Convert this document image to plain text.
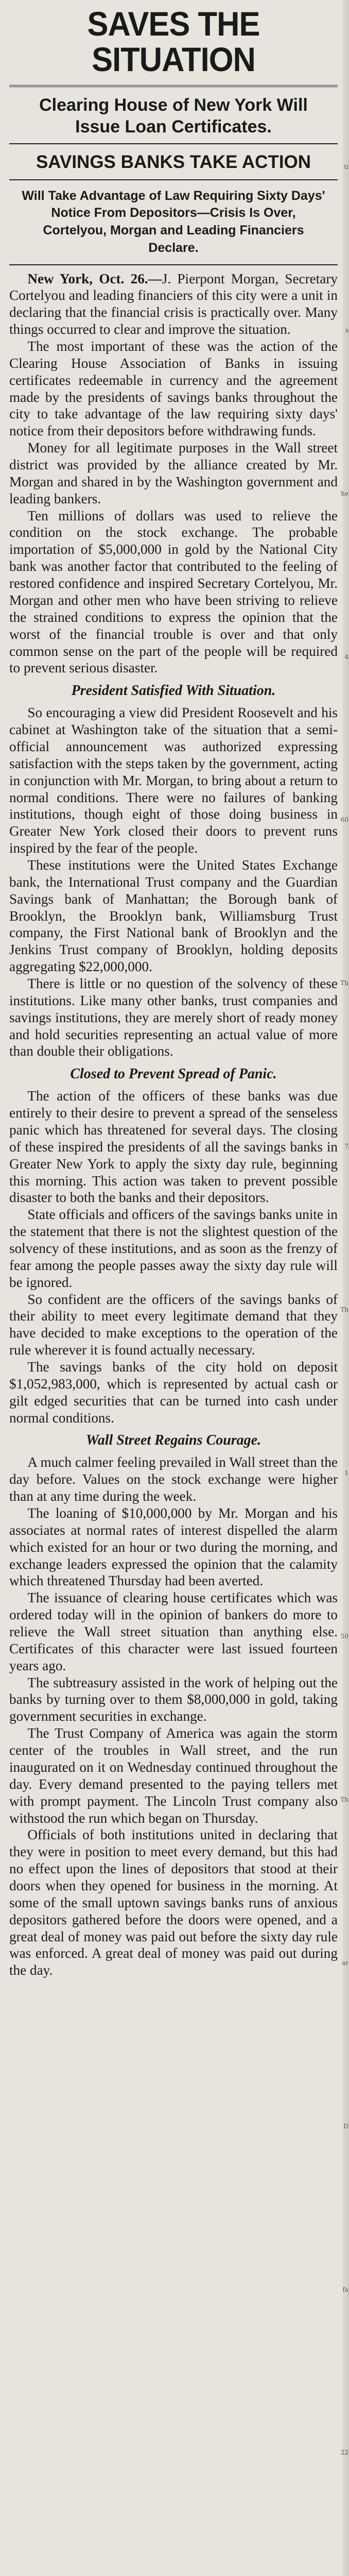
ti
s
he
4
60
Th
7
Th
1
50
Th
ar
D
fa
22
SAVES THE SITUATION
Clearing House of New York Will Issue Loan Certificates.
SAVINGS BANKS TAKE ACTION
Will Take Advantage of Law Requiring Sixty Days' Notice From Depositors—Crisis Is Over, Cortelyou, Morgan and Leading Financiers Declare.

New York, Oct. 26.—J. Pierpont Morgan, Secretary Cortelyou and leading financiers of this city were a unit in declaring that the financial crisis is practically over. Many things occurred to clear and improve the situation.

The most important of these was the action of the Clearing House Association of Banks in issuing certificates redeemable in currency and the agreement made by the presidents of savings banks throughout the city to take advantage of the law requiring sixty days' notice from their depositors before withdrawing funds.

Money for all legitimate purposes in the Wall street district was provided by the alliance created by Mr. Morgan and shared in by the Washington government and leading bankers.

Ten millions of dollars was used to relieve the condition on the stock exchange. The probable importation of $5,000,000 in gold by the National City bank was another factor that contributed to the feeling of restored confidence and inspired Secretary Cortelyou, Mr. Morgan and other men who have been striving to relieve the strained conditions to express the opinion that the worst of the financial trouble is over and that only common sense on the part of the people will be required to prevent serious disaster.

President Satisfied With Situation.

So encouraging a view did President Roosevelt and his cabinet at Washington take of the situation that a semi-official announcement was authorized expressing satisfaction with the steps taken by the government, acting in conjunction with Mr. Morgan, to bring about a return to normal conditions. There were no failures of banking institutions, though eight of those doing business in Greater New York closed their doors to prevent runs inspired by the fear of the people.

These institutions were the United States Exchange bank, the International Trust company and the Guardian Savings bank of Manhattan; the Borough bank of Brooklyn, the Brooklyn bank, Williamsburg Trust company, the First National bank of Brooklyn and the Jenkins Trust company of Brooklyn, holding deposits aggregating $22,000,000.

There is little or no question of the solvency of these institutions. Like many other banks, trust companies and savings institutions, they are merely short of ready money and hold securities representing an actual value of more than double their obligations.

Closed to Prevent Spread of Panic.

The action of the officers of these banks was due entirely to their desire to prevent a spread of the senseless panic which has threatened for several days. The closing of these inspired the presidents of all the savings banks in Greater New York to apply the sixty day rule, beginning this morning. This action was taken to prevent possible disaster to both the banks and their depositors.

State officials and officers of the savings banks unite in the statement that there is not the slightest question of the solvency of these institutions, and as soon as the frenzy of fear among the people passes away the sixty day rule will be ignored.

So confident are the officers of the savings banks of their ability to meet every legitimate demand that they have decided to make exceptions to the operation of the rule wherever it is found actually necessary.

The savings banks of the city hold on deposit $1,052,983,000, which is represented by actual cash or gilt edged securities that can be turned into cash under normal conditions.

Wall Street Regains Courage.

A much calmer feeling prevailed in Wall street than the day before. Values on the stock exchange were higher than at any time during the week.

The loaning of $10,000,000 by Mr. Morgan and his associates at normal rates of interest dispelled the alarm which existed for an hour or two during the morning, and exchange leaders expressed the opinion that the calamity which threatened Thursday had been averted.

The issuance of clearing house certificates which was ordered today will in the opinion of bankers do more to relieve the Wall street situation than anything else. Certificates of this character were last issued fourteen years ago.

The subtreasury assisted in the work of helping out the banks by turning over to them $8,000,000 in gold, taking government securities in exchange.

The Trust Company of America was again the storm center of the troubles in Wall street, and the run inaugurated on it on Wednesday continued throughout the day. Every demand presented to the paying tellers met with prompt payment. The Lincoln Trust company also withstood the run which began on Thursday.

Officials of both institutions united in declaring that they were in position to meet every demand, but this had no effect upon the lines of depositors that stood at their doors when they opened for business in the morning. At some of the small uptown savings banks runs of anxious depositors gathered before the doors were opened, and a great deal of money was paid out before the sixty day rule was enforced. A great deal of money was paid out during the day.
